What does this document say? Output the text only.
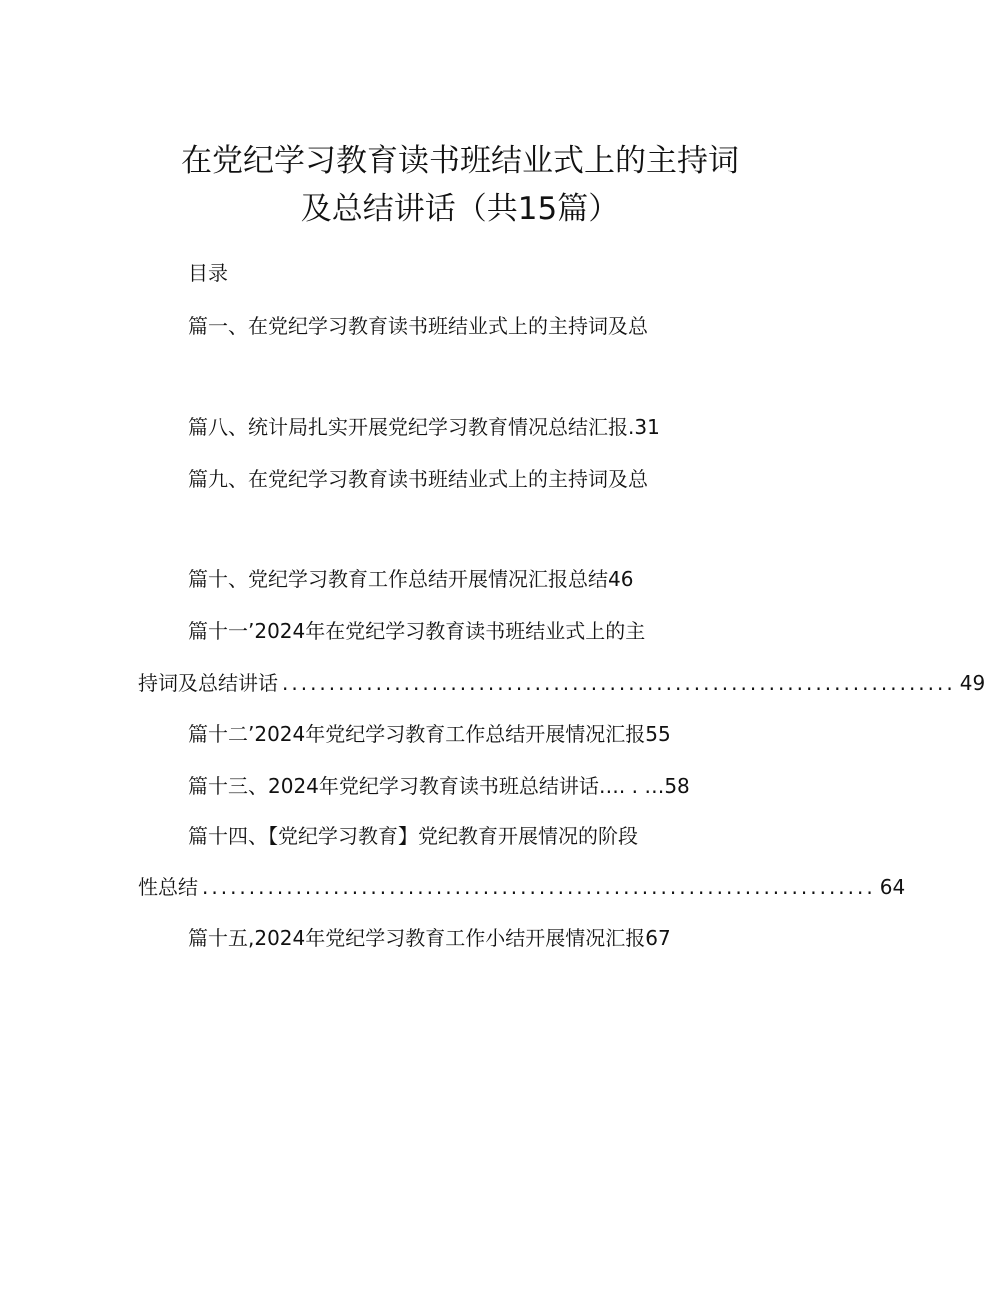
在党纪学习教育读书班结业式上的主持词
及总结讲话（共15篇）
目录
篇一、在党纪学习教育读书班结业式上的主持词及总
篇八、统计局扎实开展党纪学习教育情况总结汇报.31
篇九、在党纪学习教育读书班结业式上的主持词及总
篇十、党纪学习教育工作总结开展情况汇报总结46
篇十一’2024年在党纪学习教育读书班结业式上的主
持词及总结讲话 ........................................................................ 49
篇十二’2024年党纪学习教育工作总结开展情况汇报55
篇十三、2024年党纪学习教育读书班总结讲话…. . …58
篇十四、【党纪学习教育】党纪教育开展情况的阶段
性总结 ........................................................................ 64
篇十五,2024年党纪学习教育工作小结开展情况汇报67
